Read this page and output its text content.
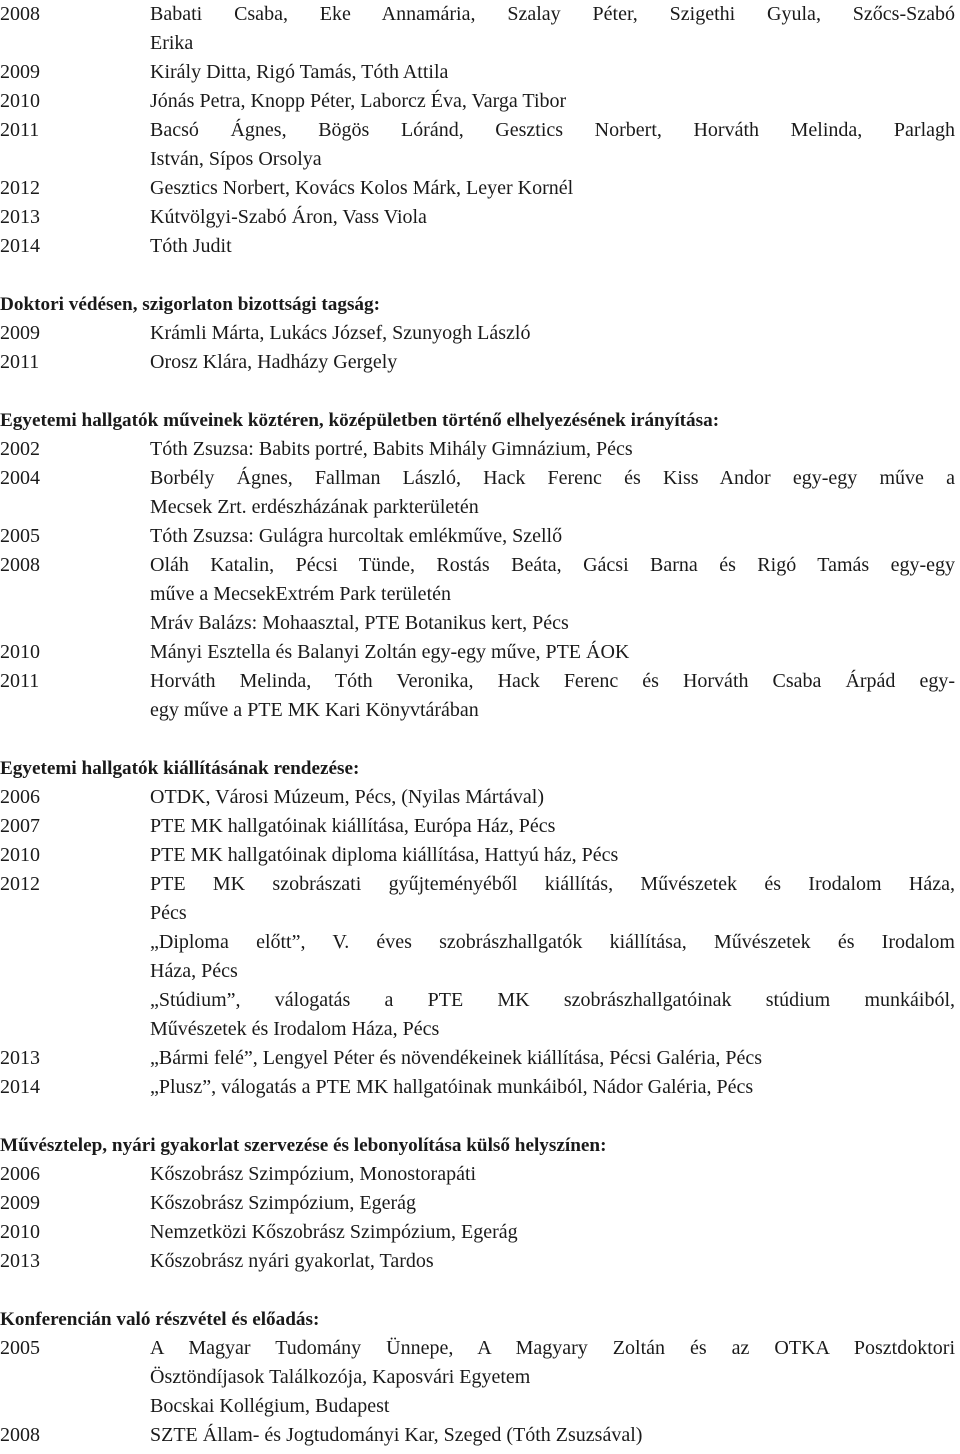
2008	Babati Csaba, Eke Annamária, Szalay Péter, Szigethi Gyula, Szőcs-Szabó
Erika
2009	Király Ditta, Rigó Tamás, Tóth Attila
2010	Jónás Petra, Knopp Péter, Laborcz Éva, Varga Tibor
2011	Bacsó Ágnes, Bögös Lóránd, Gesztics Norbert, Horváth Melinda, Parlagh
István, Sípos Orsolya
2012	Gesztics Norbert, Kovács Kolos Márk, Leyer Kornél
2013	Kútvölgyi-Szabó Áron, Vass Viola
2014	Tóth Judit
Doktori védésen, szigorlaton bizottsági tagság:
2009	Krámli Márta, Lukács József, Szunyogh László
2011	Orosz Klára, Hadházy Gergely
Egyetemi hallgatók műveinek köztéren, középületben történő elhelyezésének irányítása:
2002	Tóth Zsuzsa: Babits portré, Babits Mihály Gimnázium, Pécs
2004	Borbély Ágnes, Fallman László, Hack Ferenc és Kiss Andor egy-egy műve a
Mecsek Zrt. erdészházának parkterületén
2005	Tóth Zsuzsa: Gulágra hurcoltak emlékműve, Szellő
2008	Oláh Katalin, Pécsi Tünde, Rostás Beáta, Gácsi Barna és Rigó Tamás egy-egy
műve a MecsekExtrém Park területén
Mráv Balázs: Mohaasztal, PTE Botanikus kert, Pécs
2010	Mányi Esztella és Balanyi Zoltán egy-egy műve, PTE ÁOK
2011	Horváth Melinda, Tóth Veronika, Hack Ferenc és Horváth Csaba Árpád egy-
egy műve a PTE MK Kari Könyvtárában
Egyetemi hallgatók kiállításának rendezése:
2006	OTDK, Városi Múzeum, Pécs, (Nyilas Mártával)
2007	PTE MK hallgatóinak kiállítása, Európa Ház, Pécs
2010	PTE MK hallgatóinak diploma kiállítása, Hattyú ház, Pécs
2012	PTE MK szobrászati gyűjteményéből kiállítás, Művészetek és Irodalom Háza,
Pécs
„Diploma előtt”, V. éves szobrászhallgatók kiállítása, Művészetek és Irodalom
Háza, Pécs
„Stúdium”, válogatás a PTE MK szobrászhallgatóinak stúdium munkáiból,
Művészetek és Irodalom Háza, Pécs
2013	„Bármi felé”, Lengyel Péter és növendékeinek kiállítása, Pécsi Galéria, Pécs
2014	„Plusz”, válogatás a PTE MK hallgatóinak munkáiból, Nádor Galéria, Pécs
Művésztelep, nyári gyakorlat szervezése és lebonyolítása külső helyszínen:
2006	Kőszobrász Szimpózium, Monostorapáti
2009	Kőszobrász Szimpózium, Egerág
2010	Nemzetközi Kőszobrász Szimpózium, Egerág
2013	Kőszobrász nyári gyakorlat, Tardos
Konferencián való részvétel és előadás:
2005	A Magyar Tudomány Ünnepe, A Magyary Zoltán és az OTKA Posztdoktori
Ösztöndíjasok Találkozója, Kaposvári Egyetem
Bocskai Kollégium, Budapest
2008	SZTE Állam- és Jogtudományi Kar, Szeged (Tóth Zsuzsával)
